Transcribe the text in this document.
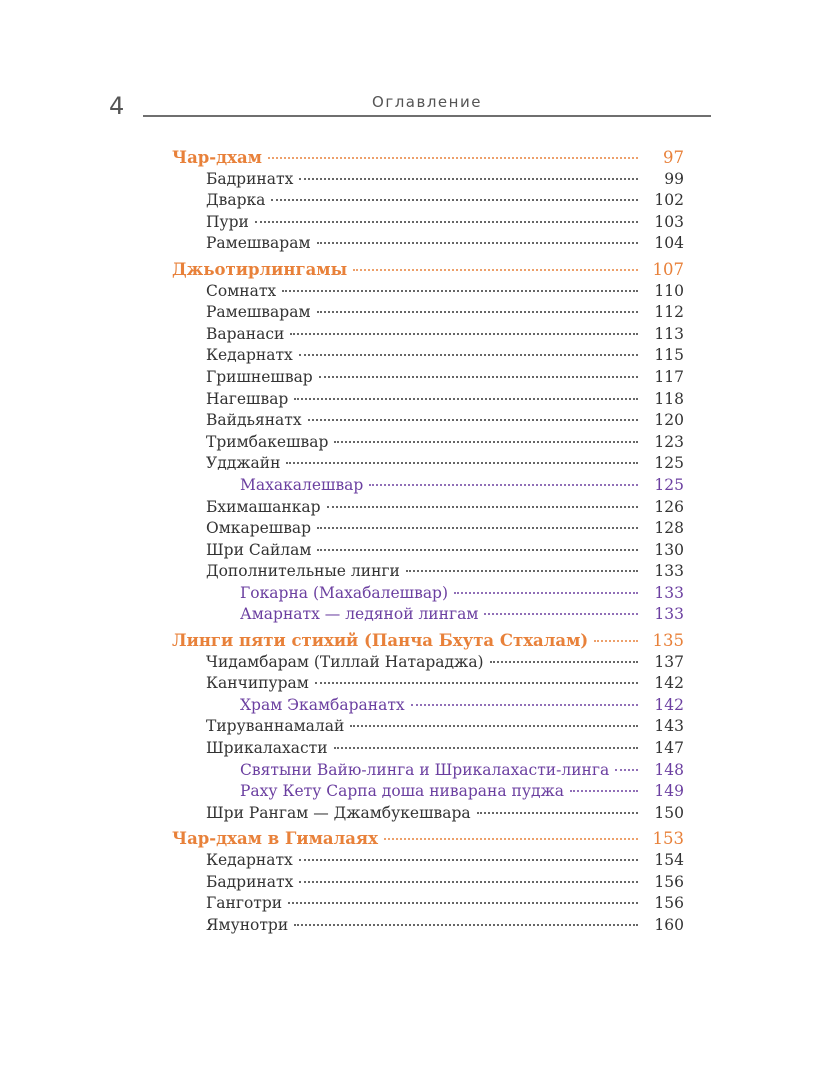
4	Оглавление
Чар-дхам	97
Бадринатх	99
Дварка	102
Пури	103
Рамешварам	104
Джьотирлингамы	107
Сомнатх	110
Рамешварам	112
Варанаси	113
Кедарнатх	115
Гришнешвар	117
Нагешвар	118
Вайдьянатх	120
Тримбакешвар	123
Удджайн	125
Махакалешвар	125
Бхимашанкар	126
Омкарешвар	128
Шри Сайлам	130
Дополнительные линги	133
Гокарна (Махабалешвар)	133
Амарнатх — ледяной лингам	133
Линги пяти стихий (Панча Бхута Стхалам)	135
Чидамбарам (Тиллай Натараджа)	137
Канчипурам	142
Храм Экамбаранатх	142
Тируваннамалай	143
Шрикалахасти	147
Святыни Вайю-линга и Шрикалахасти-линга	148
Раху Кету Сарпа доша ниварана пуджа	149
Шри Рангам — Джамбукешвара	150
Чар-дхам в Гималаях	153
Кедарнатх	154
Бадринатх	156
Ганготри	156
Ямунотри	160
